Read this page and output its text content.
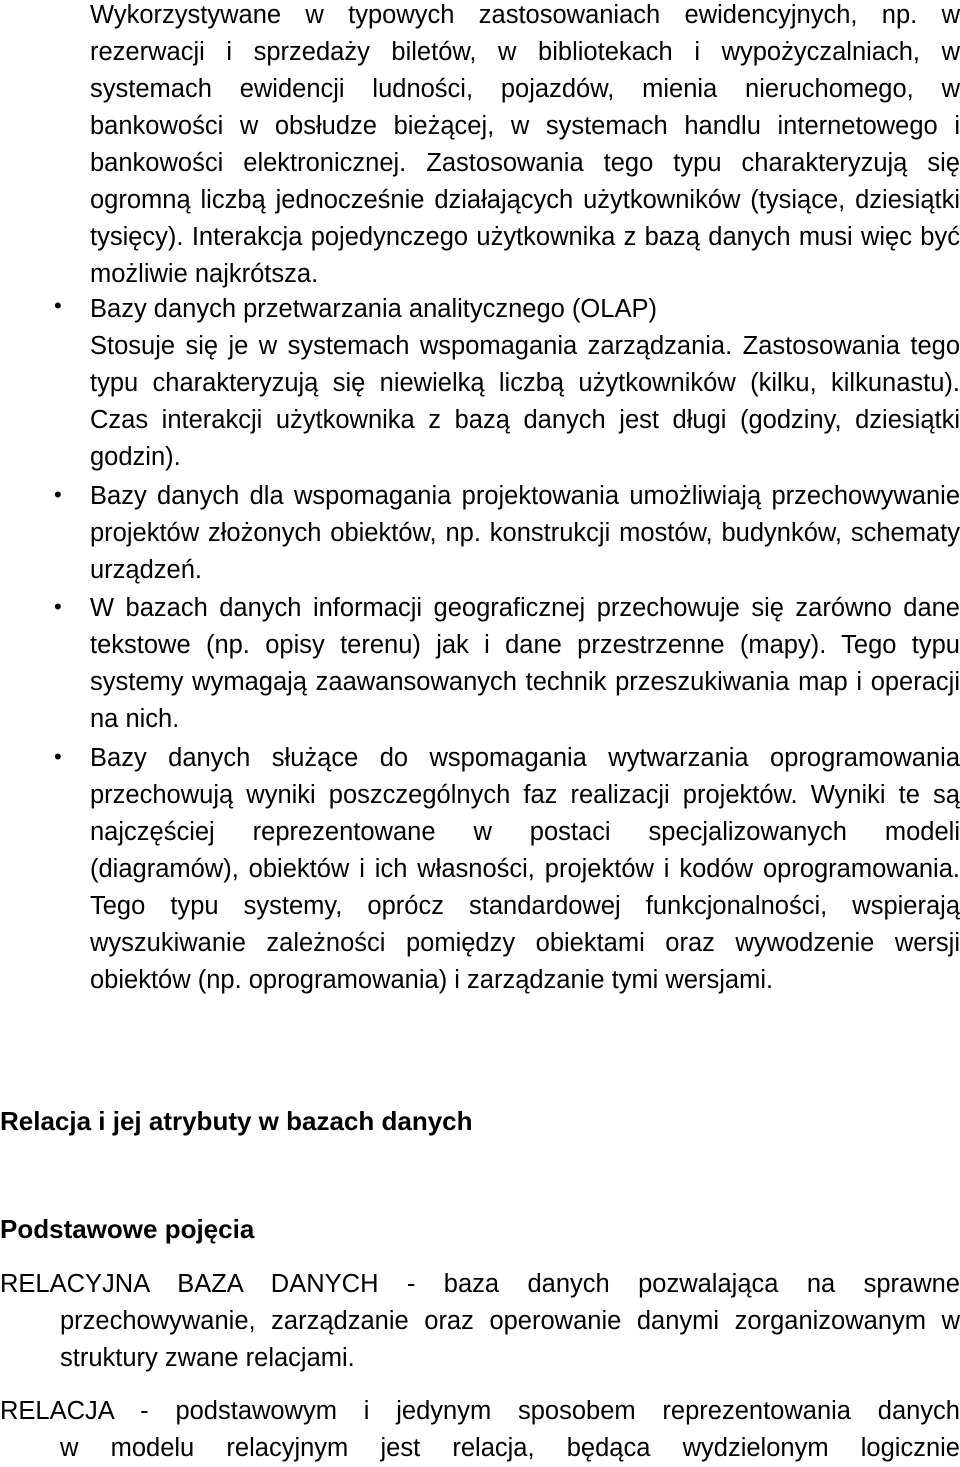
Wykorzystywane w typowych zastosowaniach ewidencyjnych, np. w rezerwacji i sprzedaży biletów, w bibliotekach i wypożyczalniach, w systemach ewidencji ludności, pojazdów, mienia nieruchomego, w bankowości w obsłudze bieżącej, w systemach handlu internetowego i bankowości elektronicznej. Zastosowania tego typu charakteryzują się ogromną liczbą jednocześnie działających użytkowników (tysiące, dziesiątki tysięcy). Interakcja pojedynczego użytkownika z bazą danych musi więc być możliwie najkrótsza.
•	Bazy danych przetwarzania analitycznego (OLAP)
Stosuje się je w systemach wspomagania zarządzania. Zastosowania tego typu charakteryzują się niewielką liczbą użytkowników (kilku, kilkunastu). Czas interakcji użytkownika z bazą danych jest długi (godziny, dziesiątki godzin).
•	Bazy danych dla wspomagania projektowania umożliwiają przechowywanie projektów złożonych obiektów, np. konstrukcji mostów, budynków, schematy urządzeń.
•	W bazach danych informacji geograficznej przechowuje się zarówno dane tekstowe (np. opisy terenu) jak i dane przestrzenne (mapy). Tego typu systemy wymagają zaawansowanych technik przeszukiwania map i operacji na nich.
•	Bazy danych służące do wspomagania wytwarzania oprogramowania przechowują wyniki poszczególnych faz realizacji projektów. Wyniki te są najczęściej reprezentowane w postaci specjalizowanych modeli (diagramów), obiektów i ich własności, projektów i kodów oprogramowania. Tego typu systemy, oprócz standardowej funkcjonalności, wspierają wyszukiwanie zależności pomiędzy obiektami oraz wywodzenie wersji obiektów (np. oprogramowania) i zarządzanie tymi wersjami.
Relacja i jej atrybuty w bazach danych
Podstawowe pojęcia
RELACYJNA BAZA DANYCH - baza danych pozwalająca na sprawne
przechowywanie, zarządzanie oraz operowanie danymi zorganizowanym w struktury zwane relacjami.
RELACJA - podstawowym i jedynym sposobem reprezentowania danych
w modelu relacyjnym jest relacja, będąca wydzielonym logicznie
